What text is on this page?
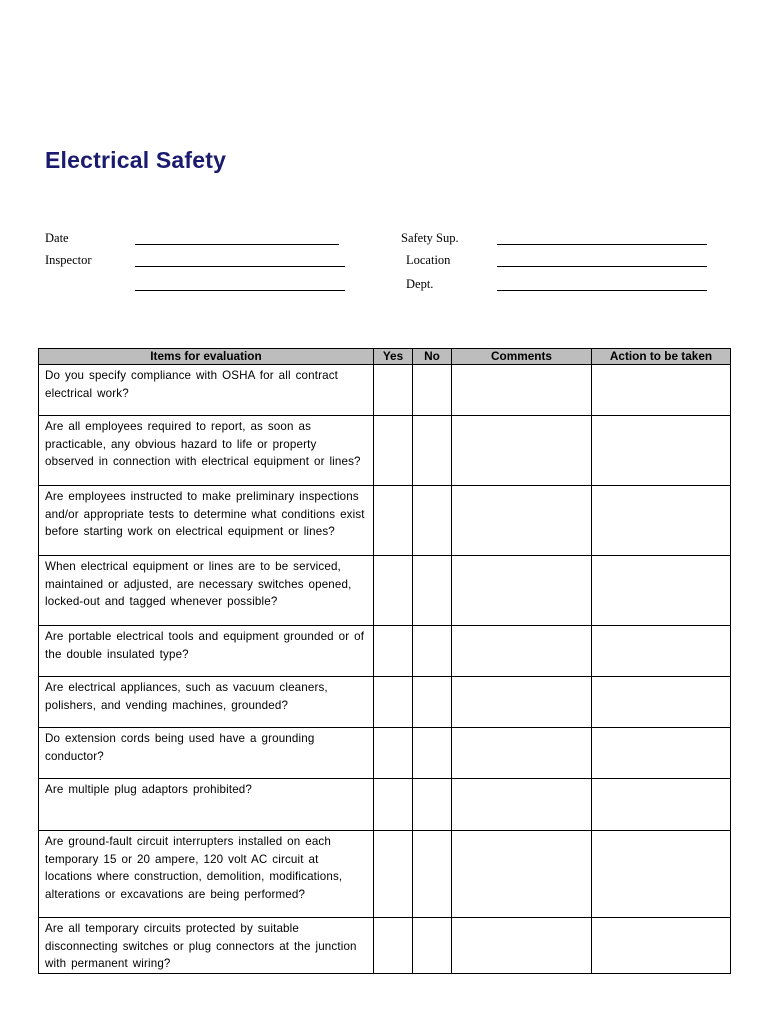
Electrical Safety
Date
Inspector
Safety Sup.
Location
Dept.
Items for evaluation	Yes	No	Comments	Action to be taken
Do you specify compliance with OSHA for all contract electrical work?				
Are all employees required to report, as soon as practicable, any obvious hazard to life or property observed in connection with electrical equipment or lines?				
Are employees instructed to make preliminary inspections and/or appropriate tests to determine what conditions exist before starting work on electrical equipment or lines?				
When electrical equipment or lines are to be serviced, maintained or adjusted, are necessary switches opened, locked-out and tagged whenever possible?				
Are portable electrical tools and equipment grounded or of the double insulated type?				
Are electrical appliances, such as vacuum cleaners, polishers, and vending machines, grounded?				
Do extension cords being used have a grounding conductor?				
Are multiple plug adaptors prohibited?				
Are ground-fault circuit interrupters installed on each temporary 15 or 20 ampere, 120 volt AC circuit at locations where construction, demolition, modifications, alterations or excavations are being performed?				
Are all temporary circuits protected by suitable disconnecting switches or plug connectors at the junction with permanent wiring?				
